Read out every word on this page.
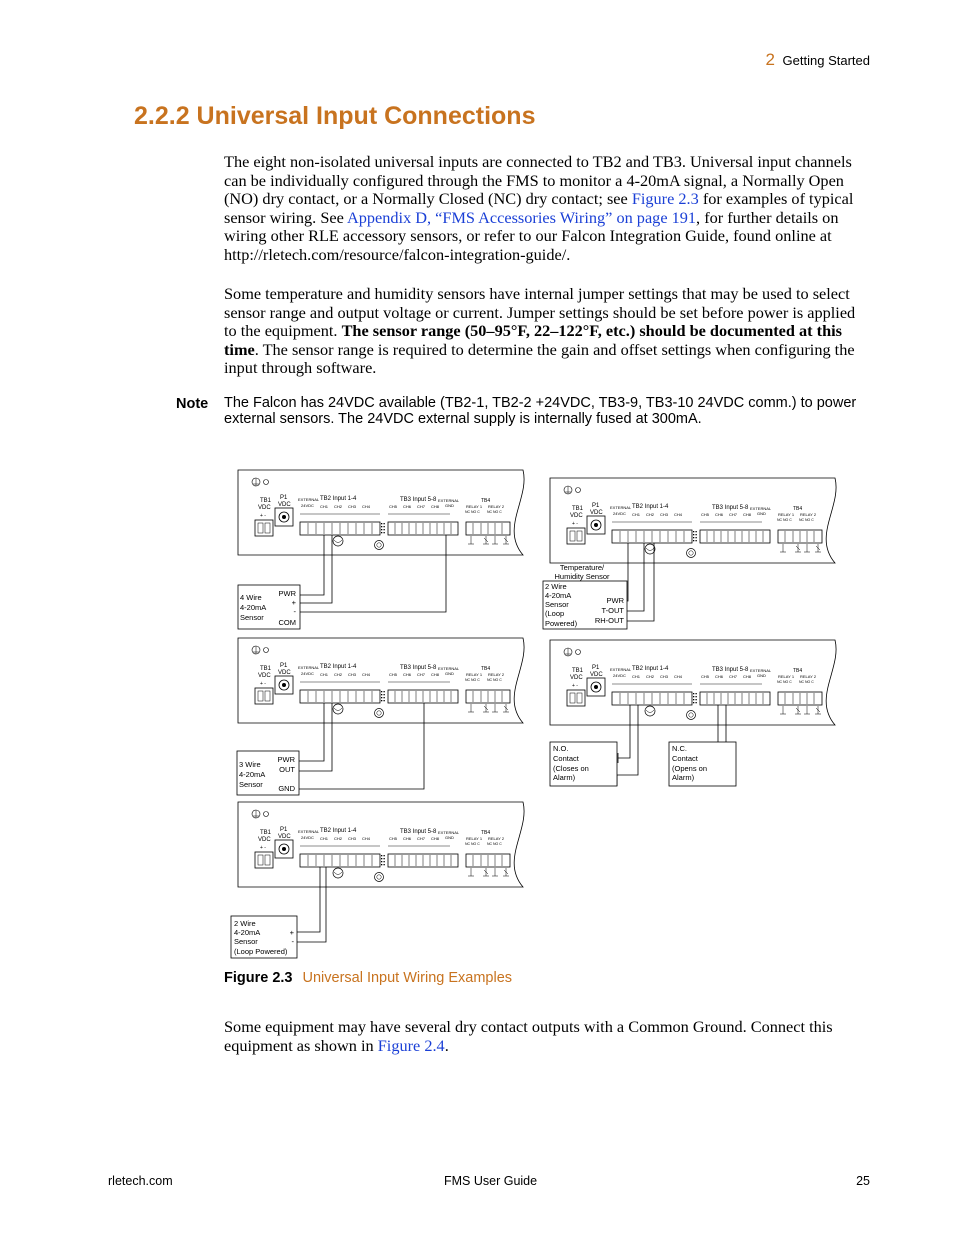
2 Getting Started
2.2.2 Universal Input Connections
The eight non-isolated universal inputs are connected to TB2 and TB3. Universal input channels can be individually configured through the FMS to monitor a 4-20mA signal, a Normally Open (NO) dry contact, or a Normally Closed (NC) dry contact; see Figure 2.3 for examples of typical sensor wiring. See Appendix D, “FMS Accessories Wiring” on page 191, for further details on wiring other RLE accessory sensors, or refer to our Falcon Integration Guide, found online at http://rletech.com/resource/falcon-integration-guide/.
Some temperature and humidity sensors have internal jumper settings that may be used to select sensor range and output voltage or current. Jumper settings should be set before power is applied to the equipment. The sensor range (50–95°F, 22–122°F, etc.) should be documented at this time. The sensor range is required to determine the gain and offset settings when configuring the input through software.
Note The Falcon has 24VDC available (TB2-1, TB2-2 +24VDC, TB3-9, TB3-10 24VDC comm.) to power external sensors. The 24VDC external supply is internally fused at 300mA.
TB1
VDC
+ -
P1
VDC
EXTERNAL TB2 Input 1-4
24VDC	CH1	CH2	CH3	CH4
TB3 Input 5-8
CH5	CH6	CH7	CH8
EXTERNAL
GND
TB4
RELAY 1	RELAY 2
NC NO C	NC NO C
4 Wire
4-20mA
Sensor
PWR
+
-
COM
Temperature/
Humidity Sensor
2 Wire
4-20mA
Sensor
(Loop
Powered)
PWR
T-OUT
RH-OUT
3 Wire
4-20mA
Sensor
PWR
OUT
GND
N.O.
Contact
(Closes on
Alarm)
N.C.
Contact
(Opens on
Alarm)
2 Wire
4-20mA
Sensor
(Loop Powered)
+
-
Figure 2.3 Universal Input Wiring Examples
Some equipment may have several dry contact outputs with a Common Ground. Connect this equipment as shown in Figure 2.4.
rletech.com	FMS User Guide	25
